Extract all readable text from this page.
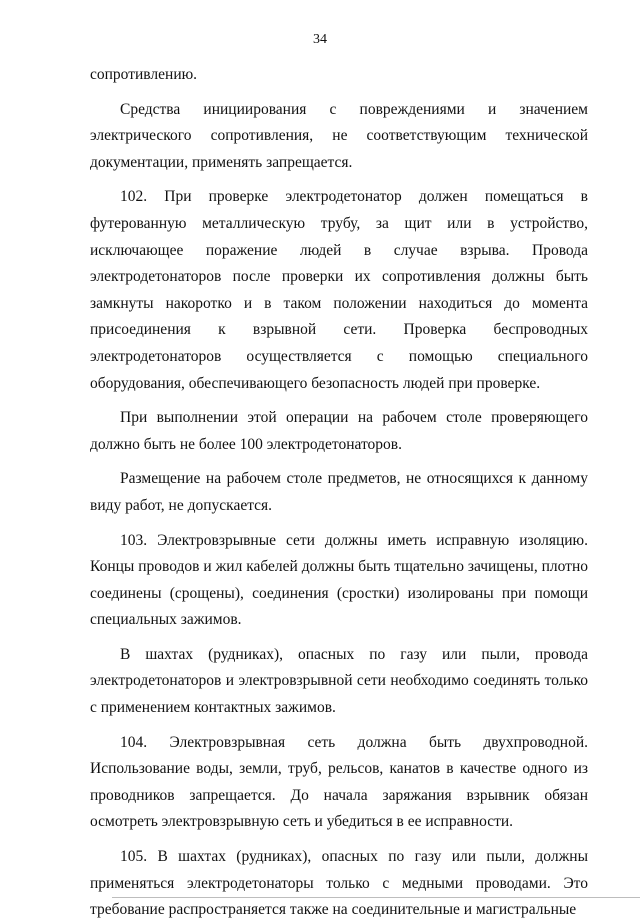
34

сопротивлению.

Средства инициирования с повреждениями и значением электрического сопротивления, не соответствующим технической документации, применять запрещается.

102. При проверке электродетонатор должен помещаться в футерованную металлическую трубу, за щит или в устройство, исключающее поражение людей в случае взрыва. Провода электродетонаторов после проверки их сопротивления должны быть замкнуты накоротко и в таком положении находиться до момента присоединения к взрывной сети. Проверка беспроводных электродетонаторов осуществляется с помощью специального оборудования, обеспечивающего безопасность людей при проверке.

При выполнении этой операции на рабочем столе проверяющего должно быть не более 100 электродетонаторов.

Размещение на рабочем столе предметов, не относящихся к данному виду работ, не допускается.

103. Электровзрывные сети должны иметь исправную изоляцию. Концы проводов и жил кабелей должны быть тщательно зачищены, плотно соединены (срощены), соединения (сростки) изолированы при помощи специальных зажимов.

В шахтах (рудниках), опасных по газу или пыли, провода электродетонаторов и электровзрывной сети необходимо соединять только с применением контактных зажимов.

104. Электровзрывная сеть должна быть двухпроводной. Использование воды, земли, труб, рельсов, канатов в качестве одного из проводников запрещается. До начала заряжания взрывник обязан осмотреть электровзрывную сеть и убедиться в ее исправности.

105. В шахтах (рудниках), опасных по газу или пыли, должны применяться электродетонаторы только с медными проводами. Это требование распространяется также на соединительные и магистральные
